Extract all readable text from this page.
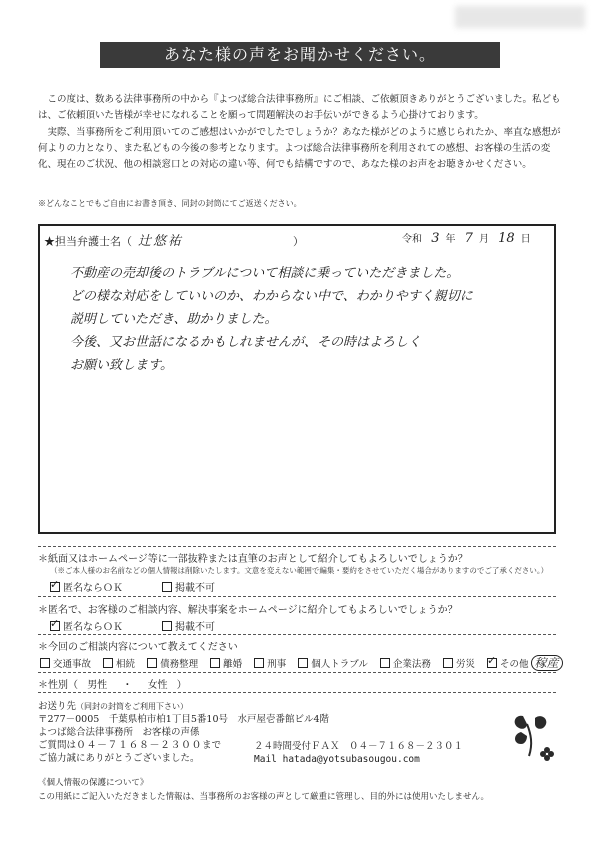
あなた様の声をお聞かせください。

この度は、数ある法律事務所の中から『よつば総合法律事務所』にご相談、ご依頼頂きありがとうございました。私どもは、ご依頼頂いた皆様が幸せになれることを願って問題解決のお手伝いができるよう心掛けております。

実際、当事務所をご利用頂いてのご感想はいかがでしたでしょうか？あなた様がどのように感じられたか、率直な感想が何よりの力となり、また私どもの今後の参考となります。よつば総合法律事務所を利用されての感想、お客様の生活の変化、現在のご状況、他の相談窓口との対応の違い等、何でも結構ですので、あなた様のお声をお聴きかせください。

※どんなことでもご自由にお書き頂き、同封の封筒にてご返送ください。
★担当弁護士名（ 辻悠祐	）	令和 3 年 7 月 18 日
不動産の売却後のトラブルについて相談に乗っていただきました。
どの様な対応をしていいのか、わからない中で、わかりやすく親切に
説明していただき、助かりました。
今後、又お世話になるかもしれませんが、その時はよろしく
お願い致します。
＊紙面又はホームページ等に一部抜粋または直筆のお声として紹介してもよろしいでしょうか？
（※ご本人様のお名前などの個人情報は削除いたします。文意を変えない範囲で編集・要約をさせていただく場合がありますのでご了承ください。）
✓匿名ならＯＫ	掲載不可
＊匿名で、お客様のご相談内容、解決事案をホームページに紹介してもよろしいでしょうか？
✓匿名ならＯＫ	掲載不可
＊今回のご相談内容について教えてください
交通事故	相続	債務整理	離婚	刑事	個人トラブル	企業法務	労災 ✓	その他 稼産
＊性別（ 男性 ・ 女性 ）
お送り先（同封の封筒をご利用下さい）
〒277－0005　千葉県柏市柏1丁目5番10号　水戸屋壱番館ビル4階
よつば総合法律事務所　お客様の声係
ご質問は０４－７１６８－２３００まで
ご協力誠にありがとうございました。
２４時間受付ＦＡＸ　 ０４－７１６８－２３０１
Mail hatada@yotsubasougou.com
《個人情報の保護について》
この用紙にご記入いただきました情報は、当事務所のお客様の声として厳重に管理し、目的外には使用いたしません。
